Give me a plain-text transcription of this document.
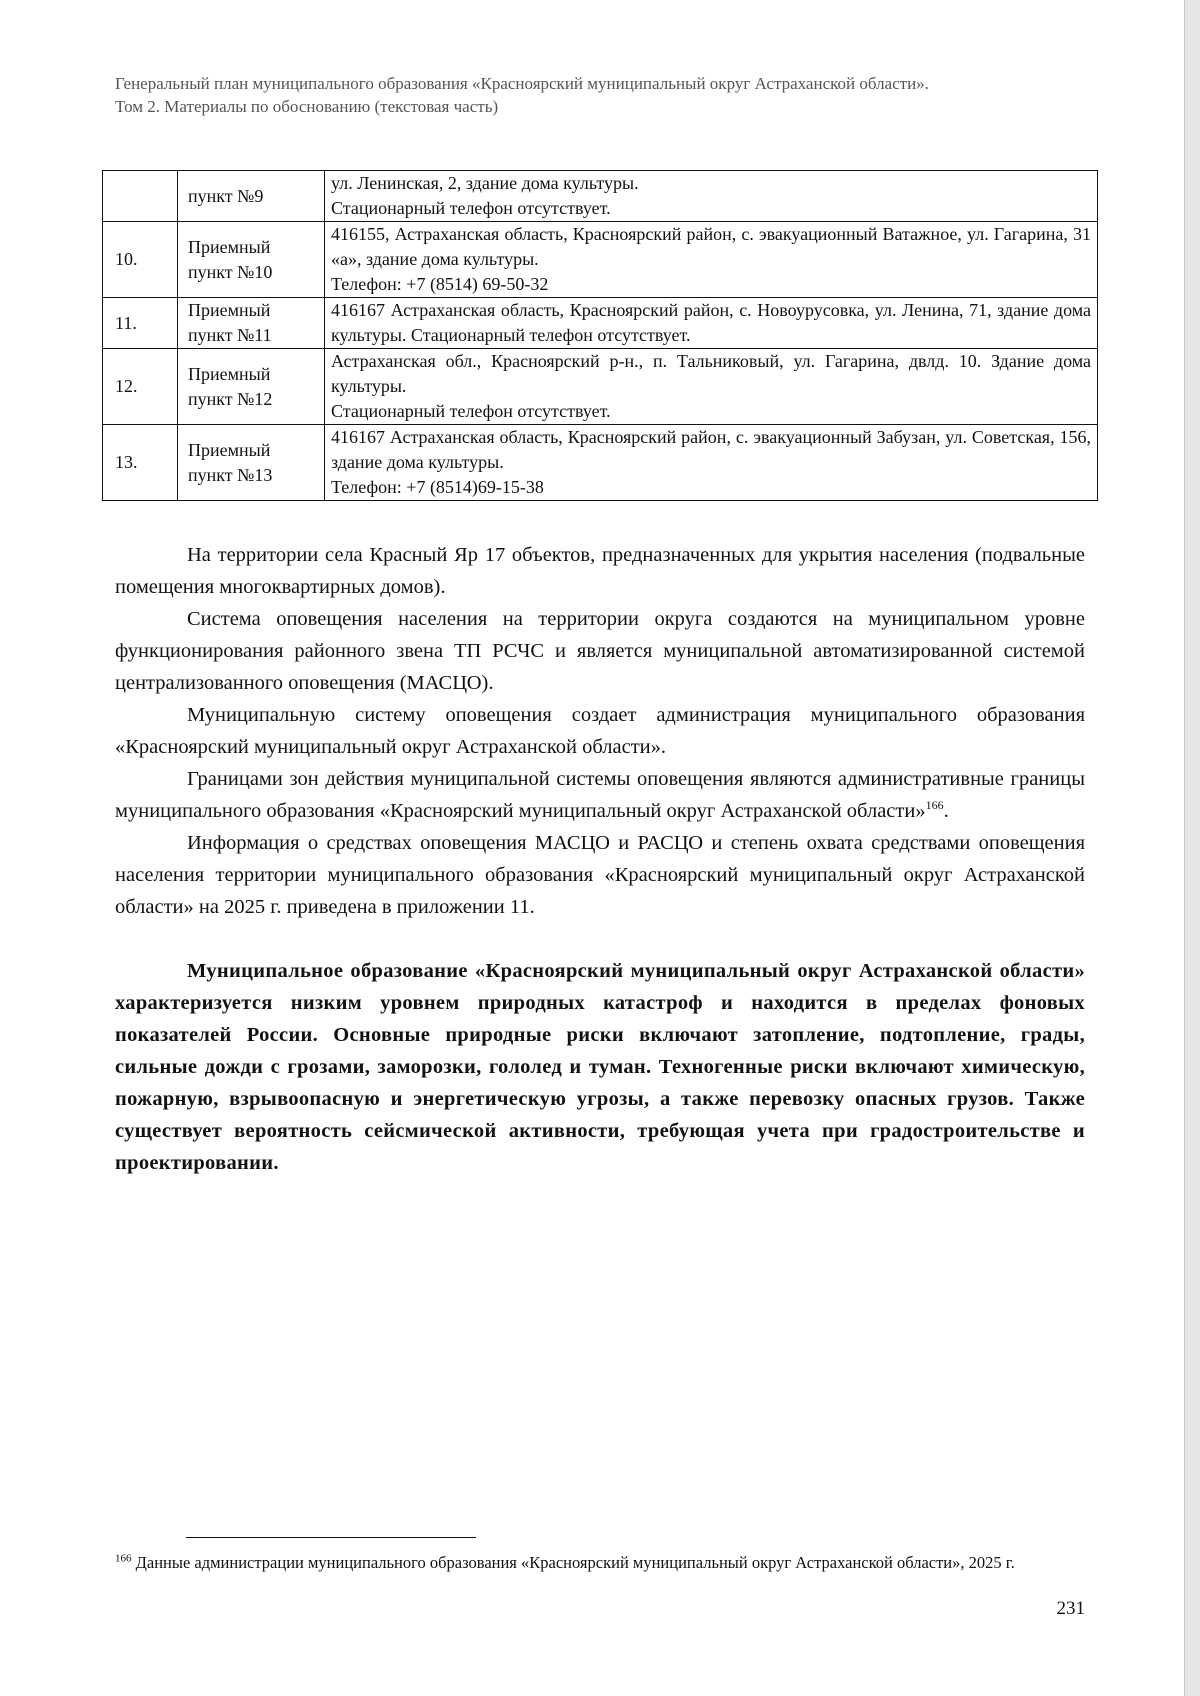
Генеральный план муниципального образования «Красноярский муниципальный округ Астраханской области».
Том 2. Материалы по обоснованию (текстовая часть)
	пункт №9	ул. Ленинская, 2, здание дома культуры.
Стационарный телефон отсутствует.

10.	Приемный пункт №10	416155, Астраханская область, Красноярский район, с. эвакуационный Ватажное, ул. Гагарина, 31 «а», здание дома культуры.
Телефон: +7 (8514) 69-50-32

11.	Приемный пункт №11	416167 Астраханская область, Красноярский район, с. Новоурусовка, ул. Ленина, 71, здание дома культуры. Стационарный телефон отсутствует.

12.	Приемный пункт №12	Астраханская обл., Красноярский р-н., п. Тальниковый, ул. Гагарина, двлд. 10. Здание дома культуры.
Стационарный телефон отсутствует.

13.	Приемный пункт №13	416167 Астраханская область, Красноярский район, с. эвакуационный Забузан, ул. Советская, 156, здание дома культуры.
Телефон: +7 (8514)69-15-38

На территории села Красный Яр 17 объектов, предназначенных для укрытия населения (подвальные помещения многоквартирных домов).

Система оповещения населения на территории округа создаются на муниципальном уровне функционирования районного звена ТП РСЧС и является муниципальной автоматизированной системой централизованного оповещения (МАСЦО).

Муниципальную систему оповещения создает администрация муниципального образования «Красноярский муниципальный округ Астраханской области».

Границами зон действия муниципальной системы оповещения являются административные границы муниципального образования «Красноярский муниципальный округ Астраханской области»$^{166}$.

Информация о средствах оповещения МАСЦО и РАСЦО и степень охвата средствами оповещения населения территории муниципального образования «Красноярский муниципальный округ Астраханской области» на 2025 г. приведена в приложении 11.

Муниципальное образование «Красноярский муниципальный округ Астраханской области» характеризуется низким уровнем природных катастроф и находится в пределах фоновых показателей России. Основные природные риски включают затопление, подтопление, грады, сильные дожди с грозами, заморозки, гололед и туман. Техногенные риски включают химическую, пожарную, взрывоопасную и энергетическую угрозы, а также перевозку опасных грузов. Также существует вероятность сейсмической активности, требующая учета при градостроительстве и проектировании.

$^{166}$ Данные администрации муниципального образования «Красноярский муниципальный округ Астраханской области», 2025 г.
231
